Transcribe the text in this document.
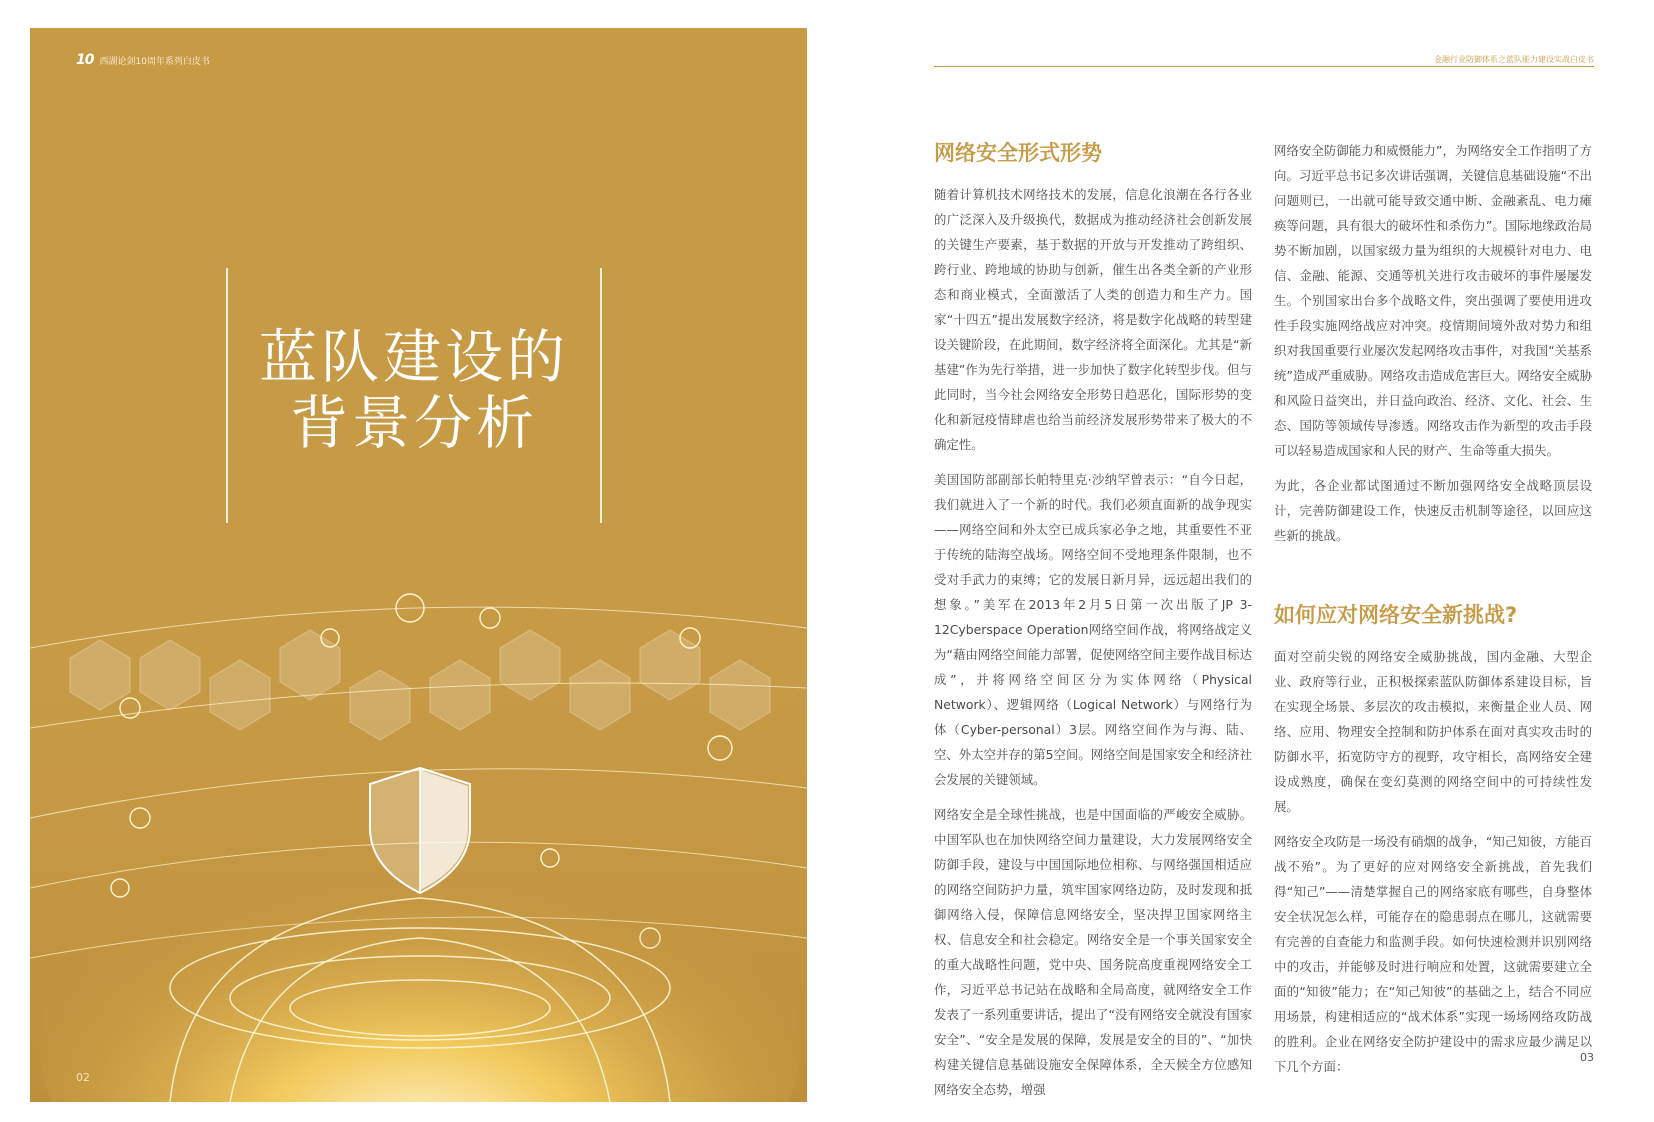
10 西湖论剑10周年系列白皮书
蓝队建设的
背景分析
02
金融行业防御体系之蓝队能力建设实战白皮书
网络安全形式形势

随着计算机技术网络技术的发展，信息化浪潮在各行各业的广泛深入及升级换代，数据成为推动经济社会创新发展的关键生产要素，基于数据的开放与开发推动了跨组织、跨行业、跨地域的协助与创新，催生出各类全新的产业形态和商业模式，全面激活了人类的创造力和生产力。国家“十四五”提出发展数字经济，将是数字化战略的转型建设关键阶段，在此期间，数字经济将全面深化。尤其是“新基建”作为先行举措，进一步加快了数字化转型步伐。但与此同时，当今社会网络安全形势日趋恶化，国际形势的变化和新冠疫情肆虐也给当前经济发展形势带来了极大的不确定性。

美国国防部副部长帕特里克·沙纳罕曾表示：“自今日起，我们就进入了一个新的时代。我们必须直面新的战争现实——网络空间和外太空已成兵家必争之地，其重要性不亚于传统的陆海空战场。网络空间不受地理条件限制，也不受对手武力的束缚；它的发展日新月异，远远超出我们的想象。”美军在2013年2月5日第一次出版了JP 3-12Cyberspace Operation网络空间作战，将网络战定义为“藉由网络空间能力部署，促使网络空间主要作战目标达成”，并将网络空间区分为实体网络（Physical Network）、逻辑网络（Logical Network）与网络行为体（Cyber-personal）3层。网络空间作为与海、陆、空、外太空并存的第5空间。网络空间是国家安全和经济社会发展的关键领域。

网络安全是全球性挑战，也是中国面临的严峻安全威胁。中国军队也在加快网络空间力量建设，大力发展网络安全防御手段，建设与中国国际地位相称、与网络强国相适应的网络空间防护力量，筑牢国家网络边防，及时发现和抵御网络入侵，保障信息网络安全，坚决捍卫国家网络主权、信息安全和社会稳定。网络安全是一个事关国家安全的重大战略性问题，党中央、国务院高度重视网络安全工作，习近平总书记站在战略和全局高度，就网络安全工作发表了一系列重要讲话，提出了“没有网络安全就没有国家安全”、“安全是发展的保障，发展是安全的目的”、“加快构建关键信息基础设施安全保障体系，全天候全方位感知网络安全态势，增强

网络安全防御能力和威慑能力”，为网络安全工作指明了方向。习近平总书记多次讲话强调，关键信息基础设施“不出问题则已，一出就可能导致交通中断、金融紊乱、电力瘫痪等问题，具有很大的破坏性和杀伤力”。国际地缘政治局势不断加剧，以国家级力量为组织的大规模针对电力、电信、金融、能源、交通等机关进行攻击破坏的事件屡屡发生。个别国家出台多个战略文件，突出强调了要使用进攻性手段实施网络战应对冲突。疫情期间境外敌对势力和组织对我国重要行业屡次发起网络攻击事件，对我国“关基系统”造成严重威胁。网络攻击造成危害巨大。网络安全威胁和风险日益突出，并日益向政治、经济、文化、社会、生态、国防等领域传导渗透。网络攻击作为新型的攻击手段可以轻易造成国家和人民的财产、生命等重大损失。

为此，各企业都试图通过不断加强网络安全战略顶层设计，完善防御建设工作，快速反击机制等途径，以回应这些新的挑战。

如何应对网络安全新挑战?

面对空前尖锐的网络安全威胁挑战，国内金融、大型企业、政府等行业，正积极探索蓝队防御体系建设目标，旨在实现全场景、多层次的攻击模拟，来衡量企业人员、网络、应用、物理安全控制和防护体系在面对真实攻击时的防御水平，拓宽防守方的视野，攻守相长，高网络安全建设成熟度，确保在变幻莫测的网络空间中的可持续性发展。

网络安全攻防是一场没有硝烟的战争，“知己知彼，方能百战不殆”。为了更好的应对网络安全新挑战，首先我们得“知己”——清楚掌握自己的网络家底有哪些，自身整体安全状况怎么样，可能存在的隐患弱点在哪儿，这就需要有完善的自查能力和监测手段。如何快速检测并识别网络中的攻击，并能够及时进行响应和处置，这就需要建立全面的“知彼”能力；在“知己知彼”的基础之上，结合不同应用场景，构建相适应的“战术体系”实现一场场网络攻防战的胜利。企业在网络安全防护建设中的需求应最少满足以下几个方面：

03
